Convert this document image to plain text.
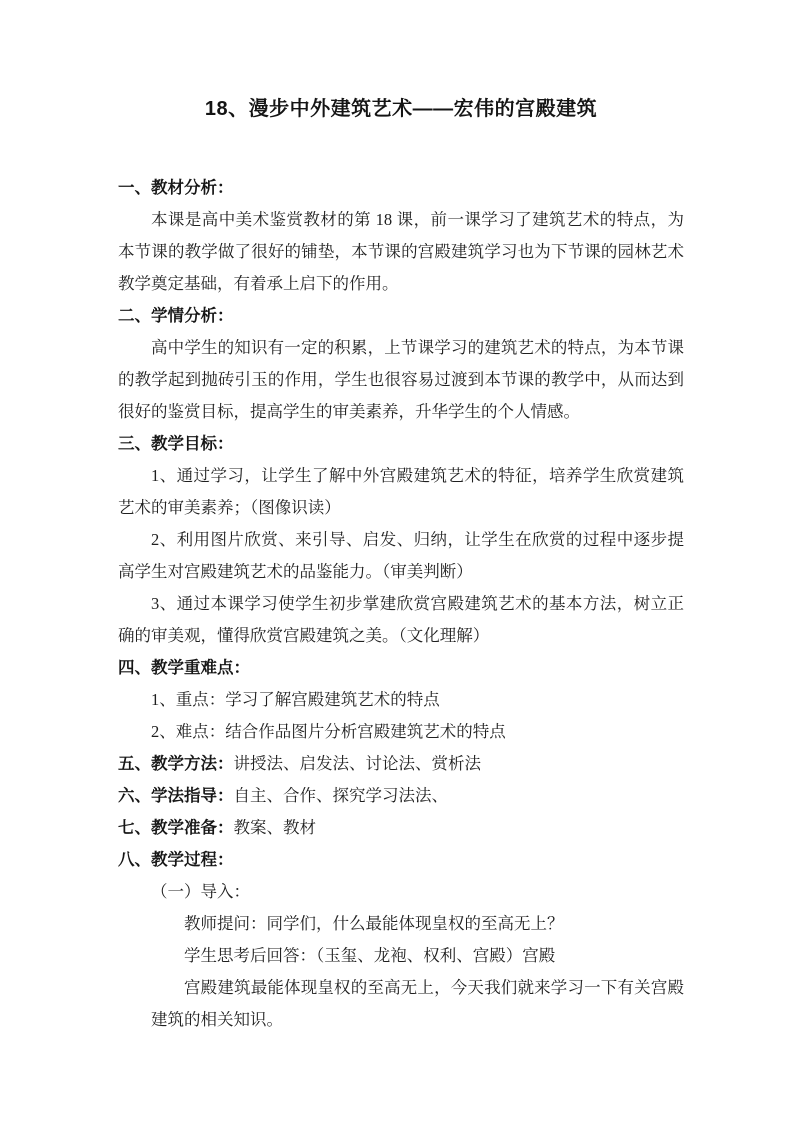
18、漫步中外建筑艺术——宏伟的宫殿建筑
一、教材分析：
本课是高中美术鉴赏教材的第 18 课，前一课学习了建筑艺术的特点，为本节课的教学做了很好的铺垫，本节课的宫殿建筑学习也为下节课的园林艺术教学奠定基础，有着承上启下的作用。
二、学情分析：
高中学生的知识有一定的积累，上节课学习的建筑艺术的特点，为本节课的教学起到抛砖引玉的作用，学生也很容易过渡到本节课的教学中，从而达到很好的鉴赏目标，提高学生的审美素养，升华学生的个人情感。
三、教学目标：
1、通过学习，让学生了解中外宫殿建筑艺术的特征，培养学生欣赏建筑艺术的审美素养；（图像识读）
2、利用图片欣赏、来引导、启发、归纳，让学生在欣赏的过程中逐步提高学生对宫殿建筑艺术的品鉴能力。（审美判断）
3、通过本课学习使学生初步掌建欣赏宫殿建筑艺术的基本方法，树立正确的审美观，懂得欣赏宫殿建筑之美。（文化理解）
四、教学重难点：
1、重点：学习了解宫殿建筑艺术的特点
2、难点：结合作品图片分析宫殿建筑艺术的特点
五、教学方法：讲授法、启发法、讨论法、赏析法
六、学法指导：自主、合作、探究学习法法、
七、教学准备：教案、教材
八、教学过程：
（一）导入：
教师提问：同学们，什么最能体现皇权的至高无上？
学生思考后回答：（玉玺、龙袍、权利、宫殿）宫殿
宫殿建筑最能体现皇权的至高无上，今天我们就来学习一下有关宫殿建筑的相关知识。
